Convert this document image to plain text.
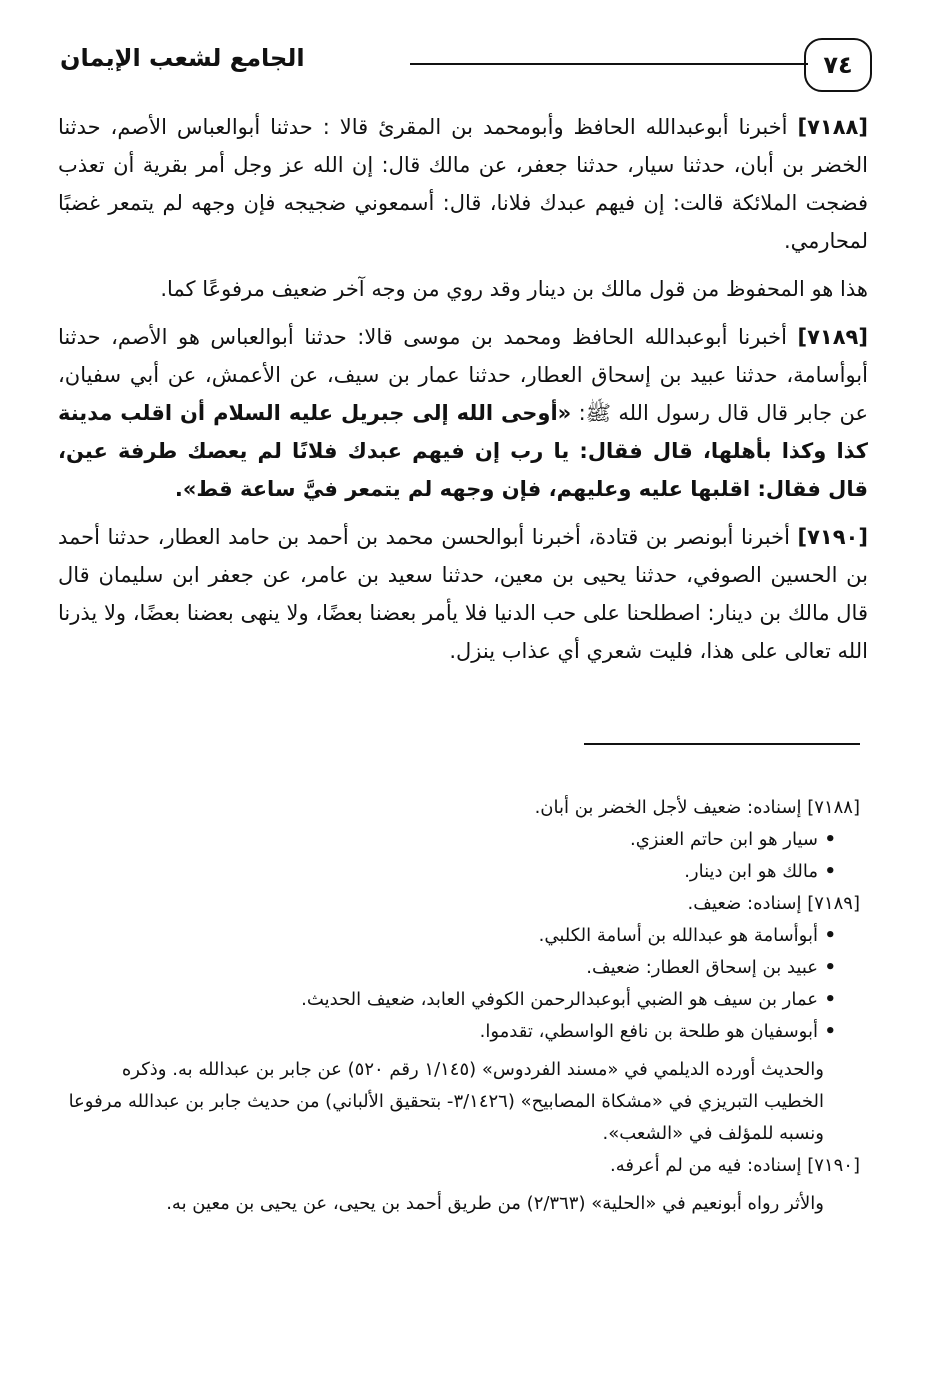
٧٤
الجامع لشعب الإيمان

[٧١٨٨] أخبرنا أبوعبدالله الحافظ وأبومحمد بن المقرئ قالا : حدثنا أبوالعباس الأصم، حدثنا الخضر بن أبان، حدثنا سيار، حدثنا جعفر، عن مالك قال: إن الله عز وجل أمر بقرية أن تعذب فضجت الملائكة قالت: إن فيهم عبدك فلانا، قال: أسمعوني ضجيجه فإن وجهه لم يتمعر غضبًا لمحارمي.

هذا هو المحفوظ من قول مالك بن دينار وقد روي من وجه آخر ضعيف مرفوعًا كما.

[٧١٨٩] أخبرنا أبوعبدالله الحافظ ومحمد بن موسى قالا: حدثنا أبوالعباس هو الأصم، حدثنا أبوأسامة، حدثنا عبيد بن إسحاق العطار، حدثنا عمار بن سيف، عن الأعمش، عن أبي سفيان، عن جابر قال قال رسول الله ﷺ: «أوحى الله إلى جبريل عليه السلام أن اقلب مدينة كذا وكذا بأهلها، قال فقال: يا رب إن فيهم عبدك فلانًا لم يعصك طرفة عين، قال فقال: اقلبها عليه وعليهم، فإن وجهه لم يتمعر فيَّ ساعة قط».

[٧١٩٠] أخبرنا أبونصر بن قتادة، أخبرنا أبوالحسن محمد بن أحمد بن حامد العطار، حدثنا أحمد بن الحسين الصوفي، حدثنا يحيى بن معين، حدثنا سعيد بن عامر، عن جعفر ابن سليمان قال قال مالك بن دينار: اصطلحنا على حب الدنيا فلا يأمر بعضنا بعضًا، ولا ينهى بعضنا بعضًا، ولا يذرنا الله تعالى على هذا، فليت شعري أي عذاب ينزل.

[٧١٨٨] إسناده: ضعيف لأجل الخضر بن أبان.

•سيار هو ابن حاتم العنزي.
•مالك هو ابن دينار.

[٧١٨٩] إسناده: ضعيف.

•أبوأسامة هو عبدالله بن أسامة الكلبي.
•عبيد بن إسحاق العطار: ضعيف.
•عمار بن سيف هو الضبي أبوعبدالرحمن الكوفي العابد، ضعيف الحديث.
•أبوسفيان هو طلحة بن نافع الواسطي، تقدموا.

والحديث أورده الديلمي في «مسند الفردوس» (١/١٤٥ رقم ٥٢٠) عن جابر بن عبدالله به. وذكره الخطيب التبريزي في «مشكاة المصابيح» (٣/١٤٢٦- بتحقيق الألباني) من حديث جابر بن عبدالله مرفوعا ونسبه للمؤلف في «الشعب».

[٧١٩٠] إسناده: فيه من لم أعرفه.

والأثر رواه أبونعيم في «الحلية» (٢/٣٦٣) من طريق أحمد بن يحيى، عن يحيى بن معين به.
